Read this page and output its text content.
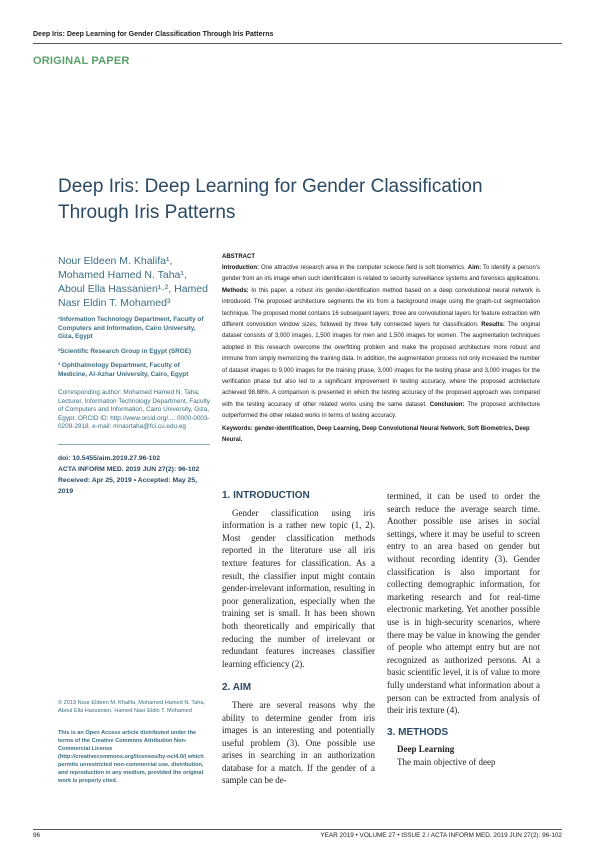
Deep Iris: Deep Learning for Gender Classification Through Iris Patterns
ORIGINAL PAPER
Deep Iris: Deep Learning for Gender Classification Through Iris Patterns
Nour Eldeen M. Khalifa¹, Mohamed Hamed N. Taha¹, Aboul Ella Hassanien¹·², Hamed Nasr Eldin T. Mohamed³
¹Information Technology Department, Faculty of Computers and Information, Cairo University, Giza, Egypt
²Scientific Research Group in Egypt (SRGE)
³ Ophthalmology Department, Faculty of Medicine, Al-Azhar University, Cairo, Egypt
Corresponding author: Mohamed Hamed N. Taha, Lecturer, Information Technology Department, Faculty of Computers and Information, Cairo University, Giza, Egypt. ORCID ID: http://www.orcid.org/...: 0000-0003-0209-2918, e-mail: mnasrtaha@fci.cu.edu.eg
doi: 10.5455/aim.2019.27.96-102
ACTA INFORM MED. 2019 JUN 27(2): 96-102
Received: Apr 25, 2019 • Accepted: May 25, 2019
© 2019 Nour Eldeen M. Khalifa, Mohamed Hamed N. Taha, Aboul Ella Hassanien, Hamed Nasr Eldin T. Mohamed
This is an Open Access article distributed under the terms of the Creative Commons Attribution Non-Commercial License (http://creativecommons.org/licenses/by-nc/4.0/) which permits unrestricted non-commercial use, distribution, and reproduction in any medium, provided the original work is properly cited.
ABSTRACT
Introduction: One attractive research area in the computer science field is soft biometrics. Aim: To identify a person's gender from an iris image when such identification is related to security surveillance systems and forensics applications. Methods: In this paper, a robust iris gender-identification method based on a deep convolutional neural network is introduced. The proposed architecture segments the iris from a background image using the graph-cut segmentation technique. The proposed model contains 16 subsequent layers; three are convolutional layers for feature extraction with different convolution window sizes, followed by three fully connected layers for classification. Results: The original dataset consists of 3,000 images, 1,500 images for men and 1,500 images for women. The augmentation techniques adopted in this research overcome the overfitting problem and make the proposed architecture more robust and immune from simply memorizing the training data. In addition, the augmentation process not only increased the number of dataset images to 9,000 images for the training phase, 3,000 images for the testing phase and 3,000 images for the verification phase but also led to a significant improvement in testing accuracy, where the proposed architecture achieved 98.88%. A comparison is presented in which the testing accuracy of the proposed approach was compared with the testing accuracy of other related works using the same dataset. Conclusion: The proposed architecture outperformed the other related works in terms of testing accuracy.
Keywords: gender-identification, Deep Learning, Deep Convolutional Neural Network, Soft Biometrics, Deep Neural.
1. INTRODUCTION

Gender classification using iris information is a rather new topic (1, 2). Most gender classification methods reported in the literature use all iris texture features for classification. As a result, the classifier input might contain gender-irrelevant information, resulting in poor generalization, especially when the training set is small. It has been shown both theoretically and empirically that reducing the number of irrelevant or redundant features increases classifier learning efficiency (2).

2. AIM

There are several reasons why the ability to determine gender from iris images is an interesting and potentially useful problem (3). One possible use arises in searching in an authorization database for a match. If the gender of a sample can be de-

termined, it can be used to order the search reduce the average search time. Another possible use arises in social settings, where it may be useful to screen entry to an area based on gender but without recording identity (3). Gender classification is also important for collecting demographic information, for marketing research and for real-time electronic marketing. Yet another possible use is in high-security scenarios, where there may be value in knowing the gender of people who attempt entry but are not recognized as authorized persons. At a basic scientific level, it is of value to more fully understand what information about a person can be extracted from analysis of their iris texture (4).

3. METHODS
Deep Learning

The main objective of deep

96	YEAR 2019 • VOLUME 27 • ISSUE 2 / ACTA INFORM MED. 2019 JUN 27(2): 96-102
